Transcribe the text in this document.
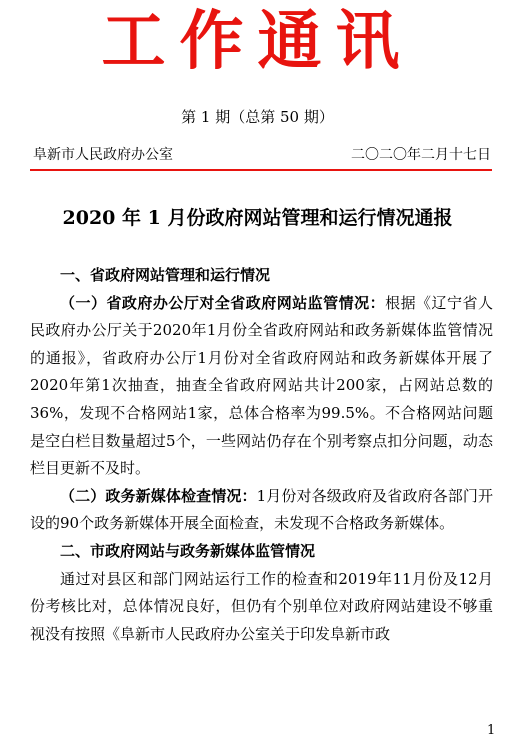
工作通讯
第 1 期（总第 50 期）
阜新市人民政府办公室	二〇二〇年二月十七日
2020 年 1 月份政府网站管理和运行情况通报
一、省政府网站管理和运行情况

（一）省政府办公厅对全省政府网站监管情况：根据《辽宁省人民政府办公厅关于2020年1月份全省政府网站和政务新媒体监管情况的通报》，省政府办公厅1月份对全省政府网站和政务新媒体开展了2020年第1次抽查，抽查全省政府网站共计200家，占网站总数的36%，发现不合格网站1家，总体合格率为99.5%。不合格网站问题是空白栏目数量超过5个，一些网站仍存在个别考察点扣分问题，动态栏目更新不及时。

（二）政务新媒体检查情况：1月份对各级政府及省政府各部门开设的90个政务新媒体开展全面检查，未发现不合格政务新媒体。

二、市政府网站与政务新媒体监管情况

通过对县区和部门网站运行工作的检查和2019年11月份及12月份考核比对，总体情况良好，但仍有个别单位对政府网站建设不够重视没有按照《阜新市人民政府办公室关于印发阜新市政

1
